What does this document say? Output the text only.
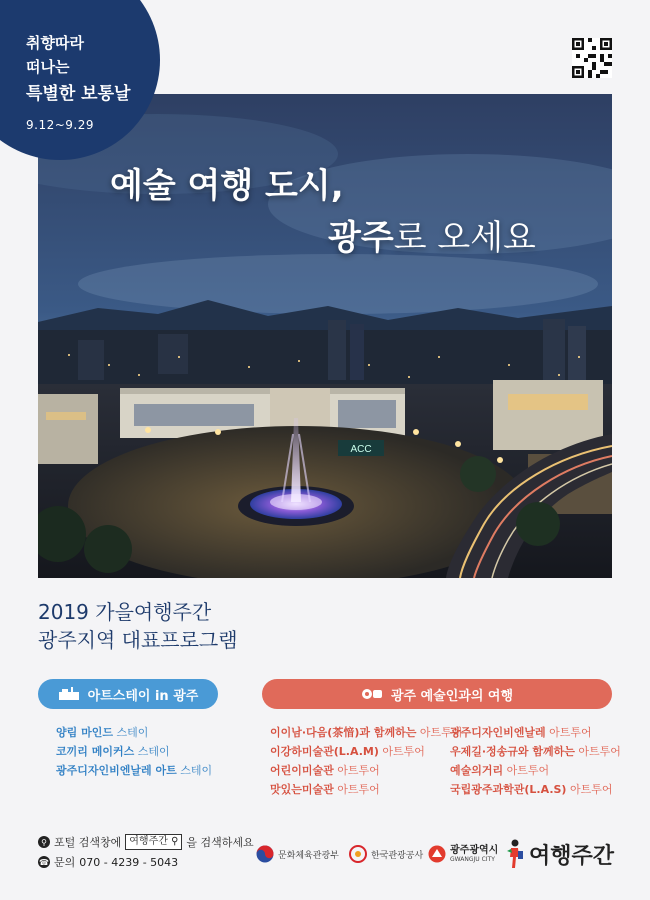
취향따라
떠나는
특별한 보통날
9.12~9.29
ACC
예술 여행 도시,
광주로 오세요
2019 가을여행주간
광주지역 대표프로그램
아트스테이 in 광주	광주 예술인과의 여행
양림 마인드 스테이
코끼리 메이커스 스테이
광주디자인비엔날레 아트 스테이
이이남·다음(茶愔)과 함께하는 아트투어
이강하미술관(L.A.M) 아트투어
어린이미술관 아트투어
맛있는미술관 아트투어
광주디자인비엔날레 아트투어
우제길·정송규와 함께하는 아트투어
예술의거리 아트투어
국립광주과학관(L.A.S) 아트투어
⚲ 포털 검색창에 여행주간 ⚲ 을 검색하세요
☎ 문의 070 - 4239 - 5043	문화체육관광부	한국관광공사	광주광역시
GWANGJU CITY 여행주간
